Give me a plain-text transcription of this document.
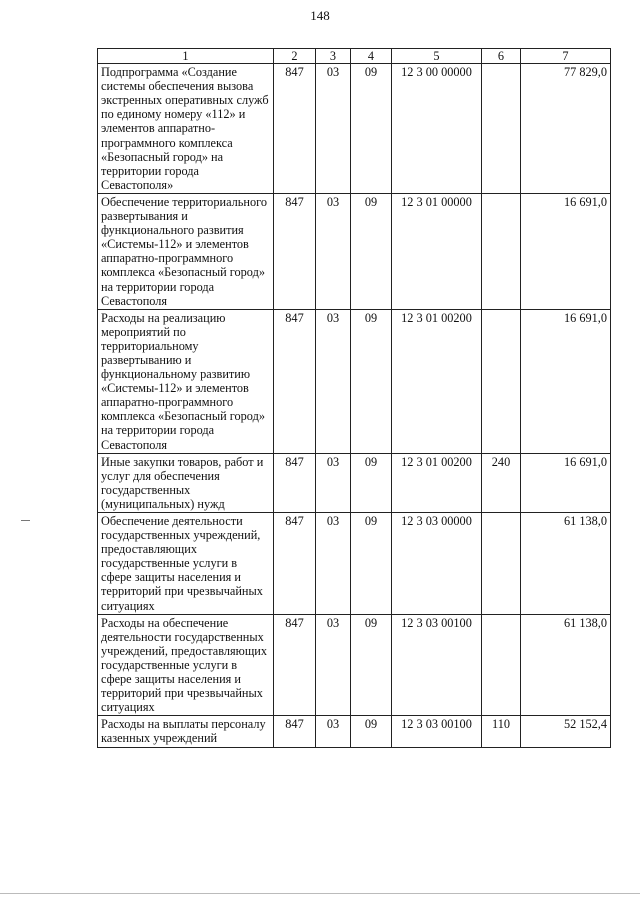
148
1	2	3	4	5	6	7
Подпрограмма «Создание системы обеспечения вызова экстренных оперативных служб по единому номеру «112» и элементов аппаратно-программного комплекса «Безопасный город» на территории города Севастополя»	847	03	09	12 3 00 00000		77 829,0
Обеспечение территориального развертывания и функционального развития «Системы-112» и элементов аппаратно-программного комплекса «Безопасный город» на территории города Севастополя	847	03	09	12 3 01 00000		16 691,0
Расходы на реализацию мероприятий по территориальному развертыванию и функциональному развитию «Системы-112» и элементов аппаратно-программного комплекса «Безопасный город» на территории города Севастополя	847	03	09	12 3 01 00200		16 691,0
Иные закупки товаров, работ и услуг для обеспечения государственных (муниципальных) нужд	847	03	09	12 3 01 00200	240	16 691,0
Обеспечение деятельности государственных учреждений, предоставляющих государственные услуги в сфере защиты населения и территорий при чрезвычайных ситуациях	847	03	09	12 3 03 00000		61 138,0
Расходы на обеспечение деятельности государственных учреждений, предоставляющих государственные услуги в сфере защиты населения и территорий при чрезвычайных ситуациях	847	03	09	12 3 03 00100		61 138,0
Расходы на выплаты персоналу казенных учреждений	847	03	09	12 3 03 00100	110	52 152,4
